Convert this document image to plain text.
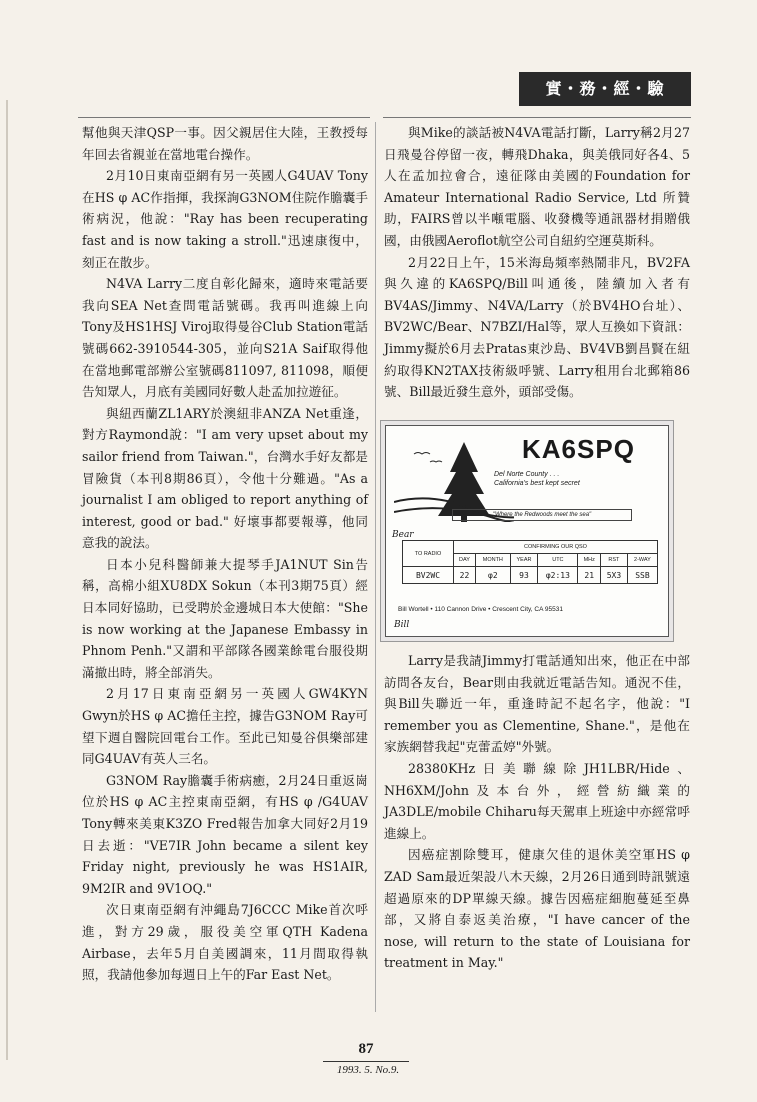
實・務・經・驗

幫他與天津QSP一事。因父親居住大陸，王教授每年回去省親並在當地電台操作。

2月10日東南亞網有另一英國人G4UAV Tony在HS φ AC作指揮，我探詢G3NOM住院作膽囊手術病況，他說："Ray has been recuperating fast and is now taking a stroll."迅速康復中，刻正在散步。

N4VA Larry二度自彰化歸來，適時來電話要我向SEA Net查問電話號碼。我再叫進線上向Tony及HS1HSJ Viroj取得曼谷Club Station電話號碼662-3910544-305，並向S21A Saif取得他在當地郵電部辦公室號碼811097, 811098，順便告知眾人，月底有美國同好數人赴孟加拉遊征。

與紐西蘭ZL1ARY於澳紐非ANZA Net重逢，對方Raymond說："I am very upset about my sailor friend from Taiwan."，台灣水手好友都是冒險貨（本刊8期86頁），令他十分難過。"As a journalist I am obliged to report anything of interest, good or bad." 好壞事都要報導，他同意我的說法。

日本小兒科醫師兼大提琴手JA1NUT Sin告稱，高棉小組XU8DX Sokun（本刊3期75頁）經日本同好協助，已受聘於金邊城日本大使館："She is now working at the Japanese Embassy in Phnom Penh."又謂和平部隊各國業餘電台服役期滿撤出時，將全部消失。

2月17日東南亞網另一英國人GW4KYN Gwyn於HS φ AC擔任主控，據告G3NOM Ray可望下週自醫院回電台工作。至此已知曼谷俱樂部建同G4UAV有英人三名。

G3NOM Ray膽囊手術病癒，2月24日重返崗位於HS φ AC主控東南亞網，有HS φ /G4UAV Tony轉來美東K3ZO Fred報告加拿大同好2月19日去逝："VE7IR John became a silent key Friday night, previously he was HS1AIR, 9M2IR and 9V1OQ."

次日東南亞網有沖繩島7J6CCC Mike首次呼進，對方29歲，服役美空軍QTH Kadena Airbase，去年5月自美國調來，11月間取得執照，我請他參加每週日上午的Far East Net。

與Mike的談話被N4VA電話打斷，Larry稱2月27日飛曼谷停留一夜，轉飛Dhaka，與美俄同好各4、5人在孟加拉會合，遠征隊由美國的Foundation for Amateur International Radio Service, Ltd 所贊助，FAIRS曾以半噸電腦、收發機等通訊器材捐贈俄國，由俄國Aeroflot航空公司自紐約空運莫斯科。

2月22日上午，15米海島頻率熱鬧非凡，BV2FA與久違的KA6SPQ/Bill叫通後，陸續加入者有BV4AS/Jimmy、N4VA/Larry（於BV4HO台址）、BV2WC/Bear、N7BZI/Hal等，眾人互換如下資訊：Jimmy擬於6月去Pratas東沙島、BV4VB劉昌賢在紐約取得KN2TAX技術級呼號、Larry租用台北郵箱86號、Bill最近發生意外，頭部受傷。

KA6SPQ
Del Norte County . . .
California's best kept secret
"Where the Redwoods meet the sea"
Bear
TO RADIO	CONFIRMING OUR QSO						
	DAY	MONTH	YEAR	UTC	MHz	RST	2-WAY
BV2WC	22	φ2	93	φ2:13	21	5X3	SSB
Bill Wortell • 110 Cannon Drive • Crescent City, CA 95531
Bill

Larry是我請Jimmy打電話通知出來，他正在中部訪問各友台，Bear則由我就近電話告知。通況不佳，與Bill失聯近一年，重逢時記不起名字，他說："I remember you as Clementine, Shane."，是他在家族網替我起"克蕾孟婷"外號。

28380KHz日美聯線除JH1LBR/Hide、NH6XM/John及本台外，經營紡織業的JA3DLE/mobile Chiharu每天駕車上班途中亦經常呼進線上。

因癌症割除雙耳，健康欠佳的退休美空軍HS φ ZAD Sam最近架設八木天線，2月26日通到時訊號遠超過原來的DP單線天線。據告因癌症細胞蔓延至鼻部，又將自泰返美治療，"I have cancer of the nose, will return to the state of Louisiana for treatment in May."

87
1993. 5. No.9.
